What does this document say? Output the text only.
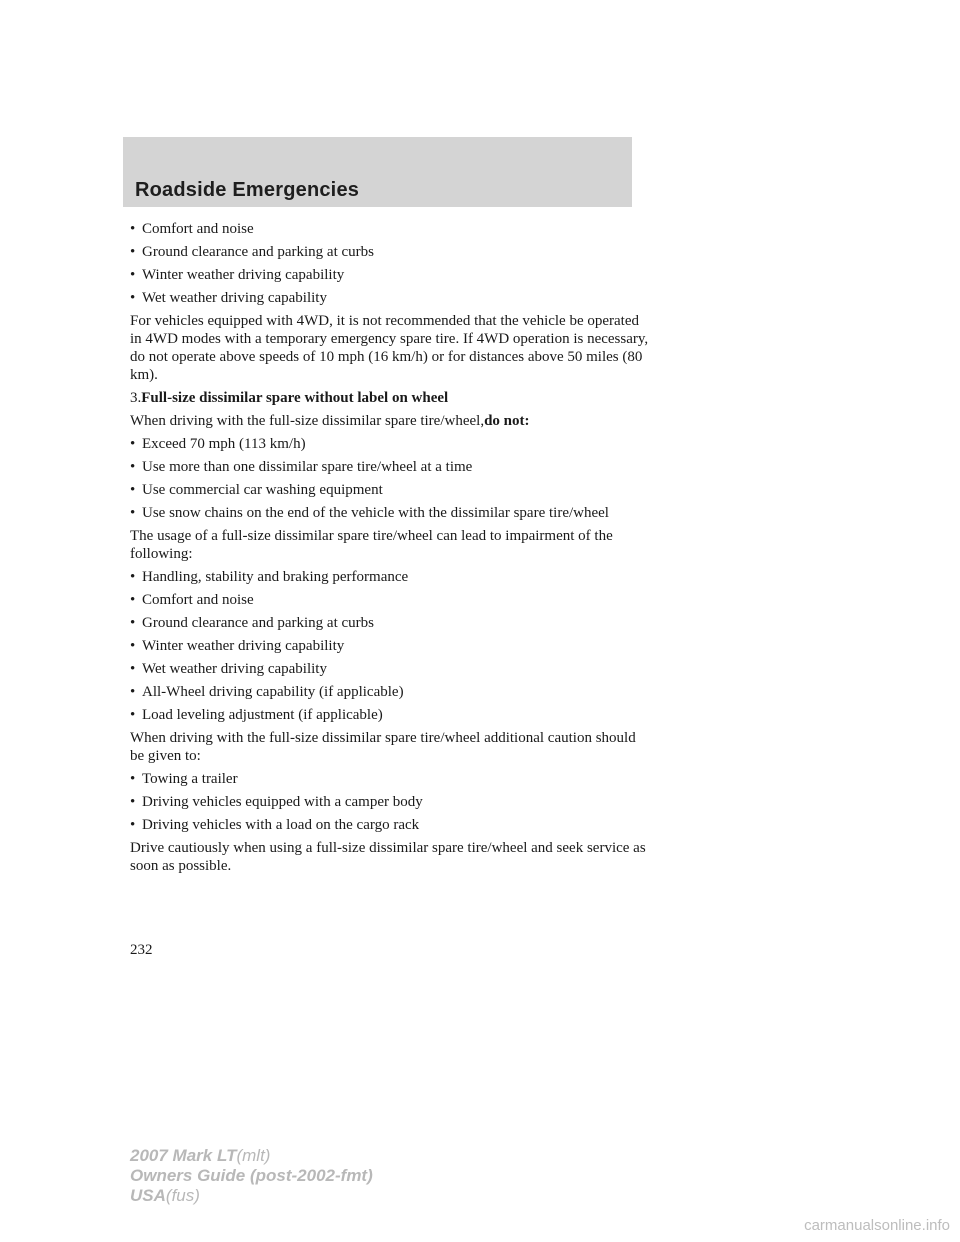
Roadside Emergencies
• Comfort and noise
• Ground clearance and parking at curbs
• Winter weather driving capability
• Wet weather driving capability

For vehicles equipped with 4WD, it is not recommended that the vehicle be operated in 4WD modes with a temporary emergency spare tire. If 4WD operation is necessary, do not operate above speeds of 10 mph (16 km/h) or for distances above 50 miles (80 km).

3.Full-size dissimilar spare without label on wheel

When driving with the full-size dissimilar spare tire/wheel,do not:

• Exceed 70 mph (113 km/h)
• Use more than one dissimilar spare tire/wheel at a time
• Use commercial car washing equipment
• Use snow chains on the end of the vehicle with the dissimilar spare tire/wheel

The usage of a full-size dissimilar spare tire/wheel can lead to impairment of the following:

• Handling, stability and braking performance
• Comfort and noise
• Ground clearance and parking at curbs
• Winter weather driving capability
• Wet weather driving capability
• All-Wheel driving capability (if applicable)
• Load leveling adjustment (if applicable)

When driving with the full-size dissimilar spare tire/wheel additional caution should be given to:

• Towing a trailer
• Driving vehicles equipped with a camper body
• Driving vehicles with a load on the cargo rack

Drive cautiously when using a full-size dissimilar spare tire/wheel and seek service as soon as possible.

232
2007 Mark LT(mlt)
Owners Guide (post-2002-fmt)
USA(fus)
carmanualsonline.info
